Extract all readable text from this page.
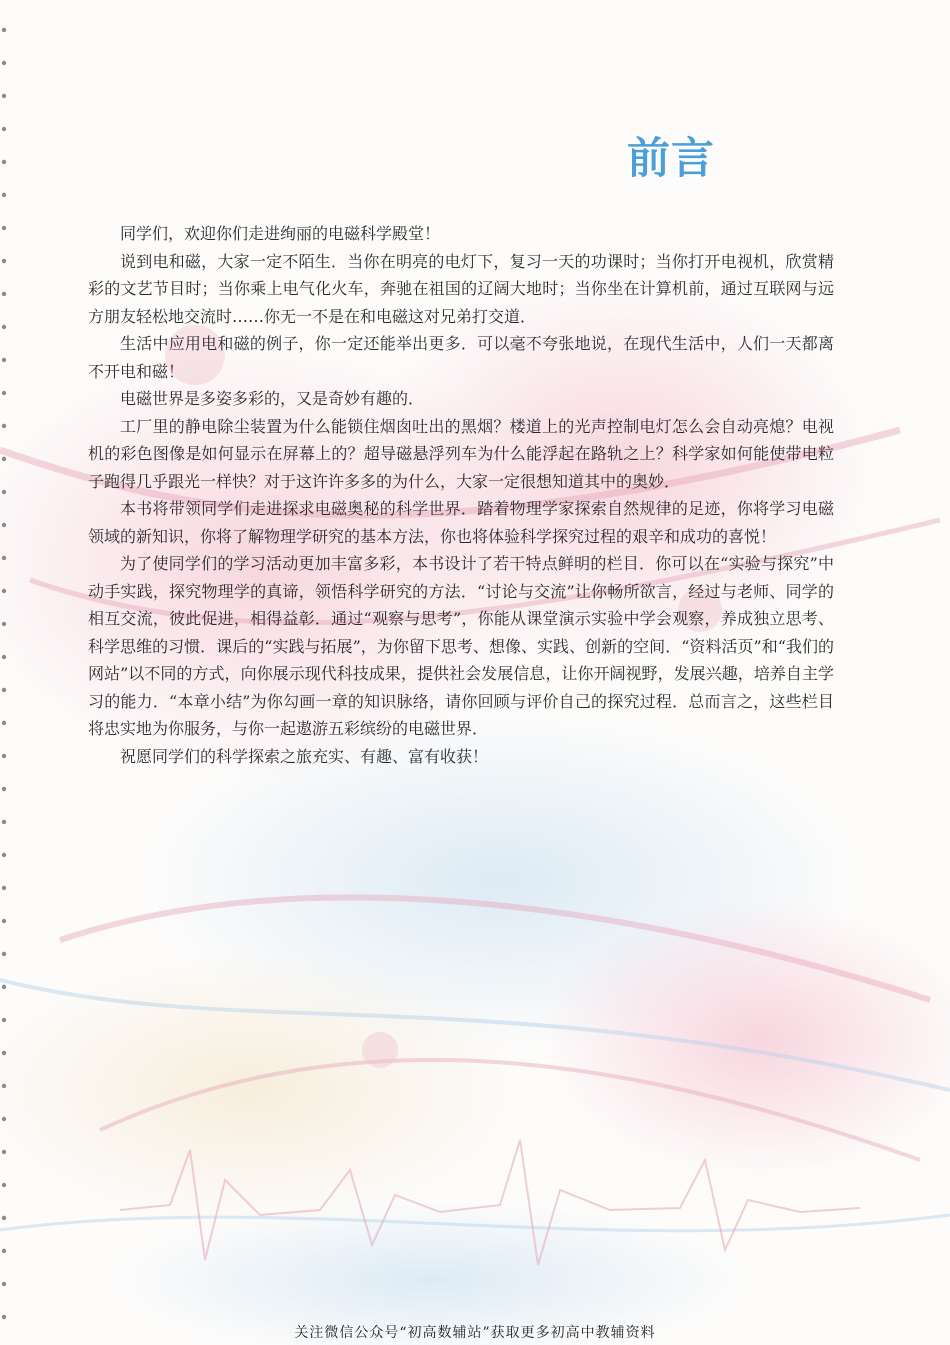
前言

同学们，欢迎你们走进绚丽的电磁科学殿堂！

说到电和磁，大家一定不陌生．当你在明亮的电灯下，复习一天的功课时；当你打开电视机，欣赏精彩的文艺节目时；当你乘上电气化火车，奔驰在祖国的辽阔大地时；当你坐在计算机前，通过互联网与远方朋友轻松地交流时……你无一不是在和电磁这对兄弟打交道．

生活中应用电和磁的例子，你一定还能举出更多．可以毫不夸张地说，在现代生活中，人们一天都离不开电和磁！

电磁世界是多姿多彩的，又是奇妙有趣的．

工厂里的静电除尘装置为什么能锁住烟囱吐出的黑烟？楼道上的光声控制电灯怎么会自动亮熄？电视机的彩色图像是如何显示在屏幕上的？超导磁悬浮列车为什么能浮起在路轨之上？科学家如何能使带电粒子跑得几乎跟光一样快？对于这许许多多的为什么，大家一定很想知道其中的奥妙．

本书将带领同学们走进探求电磁奥秘的科学世界．踏着物理学家探索自然规律的足迹，你将学习电磁领域的新知识，你将了解物理学研究的基本方法，你也将体验科学探究过程的艰辛和成功的喜悦！

为了使同学们的学习活动更加丰富多彩，本书设计了若干特点鲜明的栏目．你可以在“实验与探究”中动手实践，探究物理学的真谛，领悟科学研究的方法．“讨论与交流”让你畅所欲言，经过与老师、同学的相互交流，彼此促进，相得益彰．通过“观察与思考”，你能从课堂演示实验中学会观察，养成独立思考、科学思维的习惯．课后的“实践与拓展”，为你留下思考、想像、实践、创新的空间．“资料活页”和“我们的网站”以不同的方式，向你展示现代科技成果，提供社会发展信息，让你开阔视野，发展兴趣，培养自主学习的能力．“本章小结”为你勾画一章的知识脉络，请你回顾与评价自己的探究过程．总而言之，这些栏目将忠实地为你服务，与你一起遨游五彩缤纷的电磁世界．

祝愿同学们的科学探索之旅充实、有趣、富有收获！

关注微信公众号“初高数辅站”获取更多初高中教辅资料
